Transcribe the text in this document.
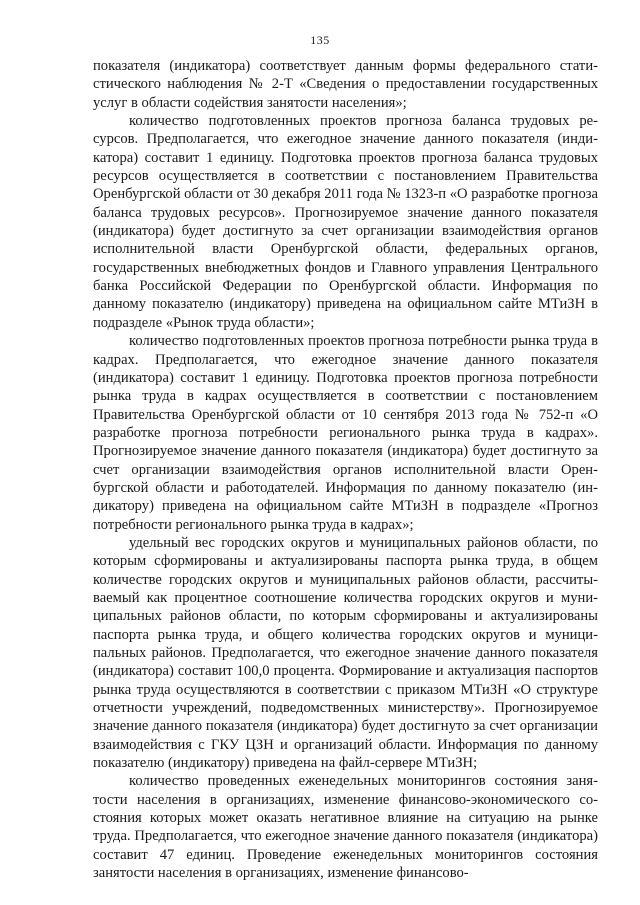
135

показателя (индикатора) соответствует данным формы федерального статистического наблюдения № 2-Т «Сведения о предоставлении государственных услуг в области содействия занятости населения»;

количество подготовленных проектов прогноза баланса трудовых ресурсов. Предполагается, что ежегодное значение данного показателя (индикатора) составит 1 единицу. Подготовка проектов прогноза баланса трудовых ресурсов осуществляется в соответствии с постановлением Правительства Оренбургской области от 30 декабря 2011 года № 1323-п «О разработке прогноза баланса трудовых ресурсов». Прогнозируемое значение данного показателя (индикатора) будет достигнуто за счет организации взаимодействия органов исполнительной власти Оренбургской области, федеральных органов, государственных внебюджетных фондов и Главного управления Центрального банка Российской Федерации по Оренбургской области. Информация по данному показателю (индикатору) приведена на официальном сайте МТиЗН в подразделе «Рынок труда области»;

количество подготовленных проектов прогноза потребности рынка труда в кадрах. Предполагается, что ежегодное значение данного показателя (индикатора) составит 1 единицу. Подготовка проектов прогноза потребности рынка труда в кадрах осуществляется в соответствии с постановлением Правительства Оренбургской области от 10 сентября 2013 года № 752-п «О разработке прогноза потребности регионального рынка труда в кадрах». Прогнозируемое значение данного показателя (индикатора) будет достигнуто за счет организации взаимодействия органов исполнительной власти Оренбургской области и работодателей. Информация по данному показателю (индикатору) приведена на официальном сайте МТиЗН в подразделе «Прогноз потребности регионального рынка труда в кадрах»;

удельный вес городских округов и муниципальных районов области, по которым сформированы и актуализированы паспорта рынка труда, в общем количестве городских округов и муниципальных районов области, рассчитываемый как процентное соотношение количества городских округов и муниципальных районов области, по которым сформированы и актуализированы паспорта рынка труда, и общего количества городских округов и муниципальных районов. Предполагается, что ежегодное значение данного показателя (индикатора) составит 100,0 процента. Формирование и актуализация паспортов рынка труда осуществляются в соответствии с приказом МТиЗН «О структуре отчетности учреждений, подведомственных министерству». Прогнозируемое значение данного показателя (индикатора) будет достигнуто за счет организации взаимодействия с ГКУ ЦЗН и организаций области. Информация по данному показателю (индикатору) приведена на файл-сервере МТиЗН;

количество проведенных еженедельных мониторингов состояния занятости населения в организациях, изменение финансово-экономического состояния которых может оказать негативное влияние на ситуацию на рынке труда. Предполагается, что ежегодное значение данного показателя (индикатора) составит 47 единиц. Проведение еженедельных мониторингов состояния занятости населения в организациях, изменение финансово-
